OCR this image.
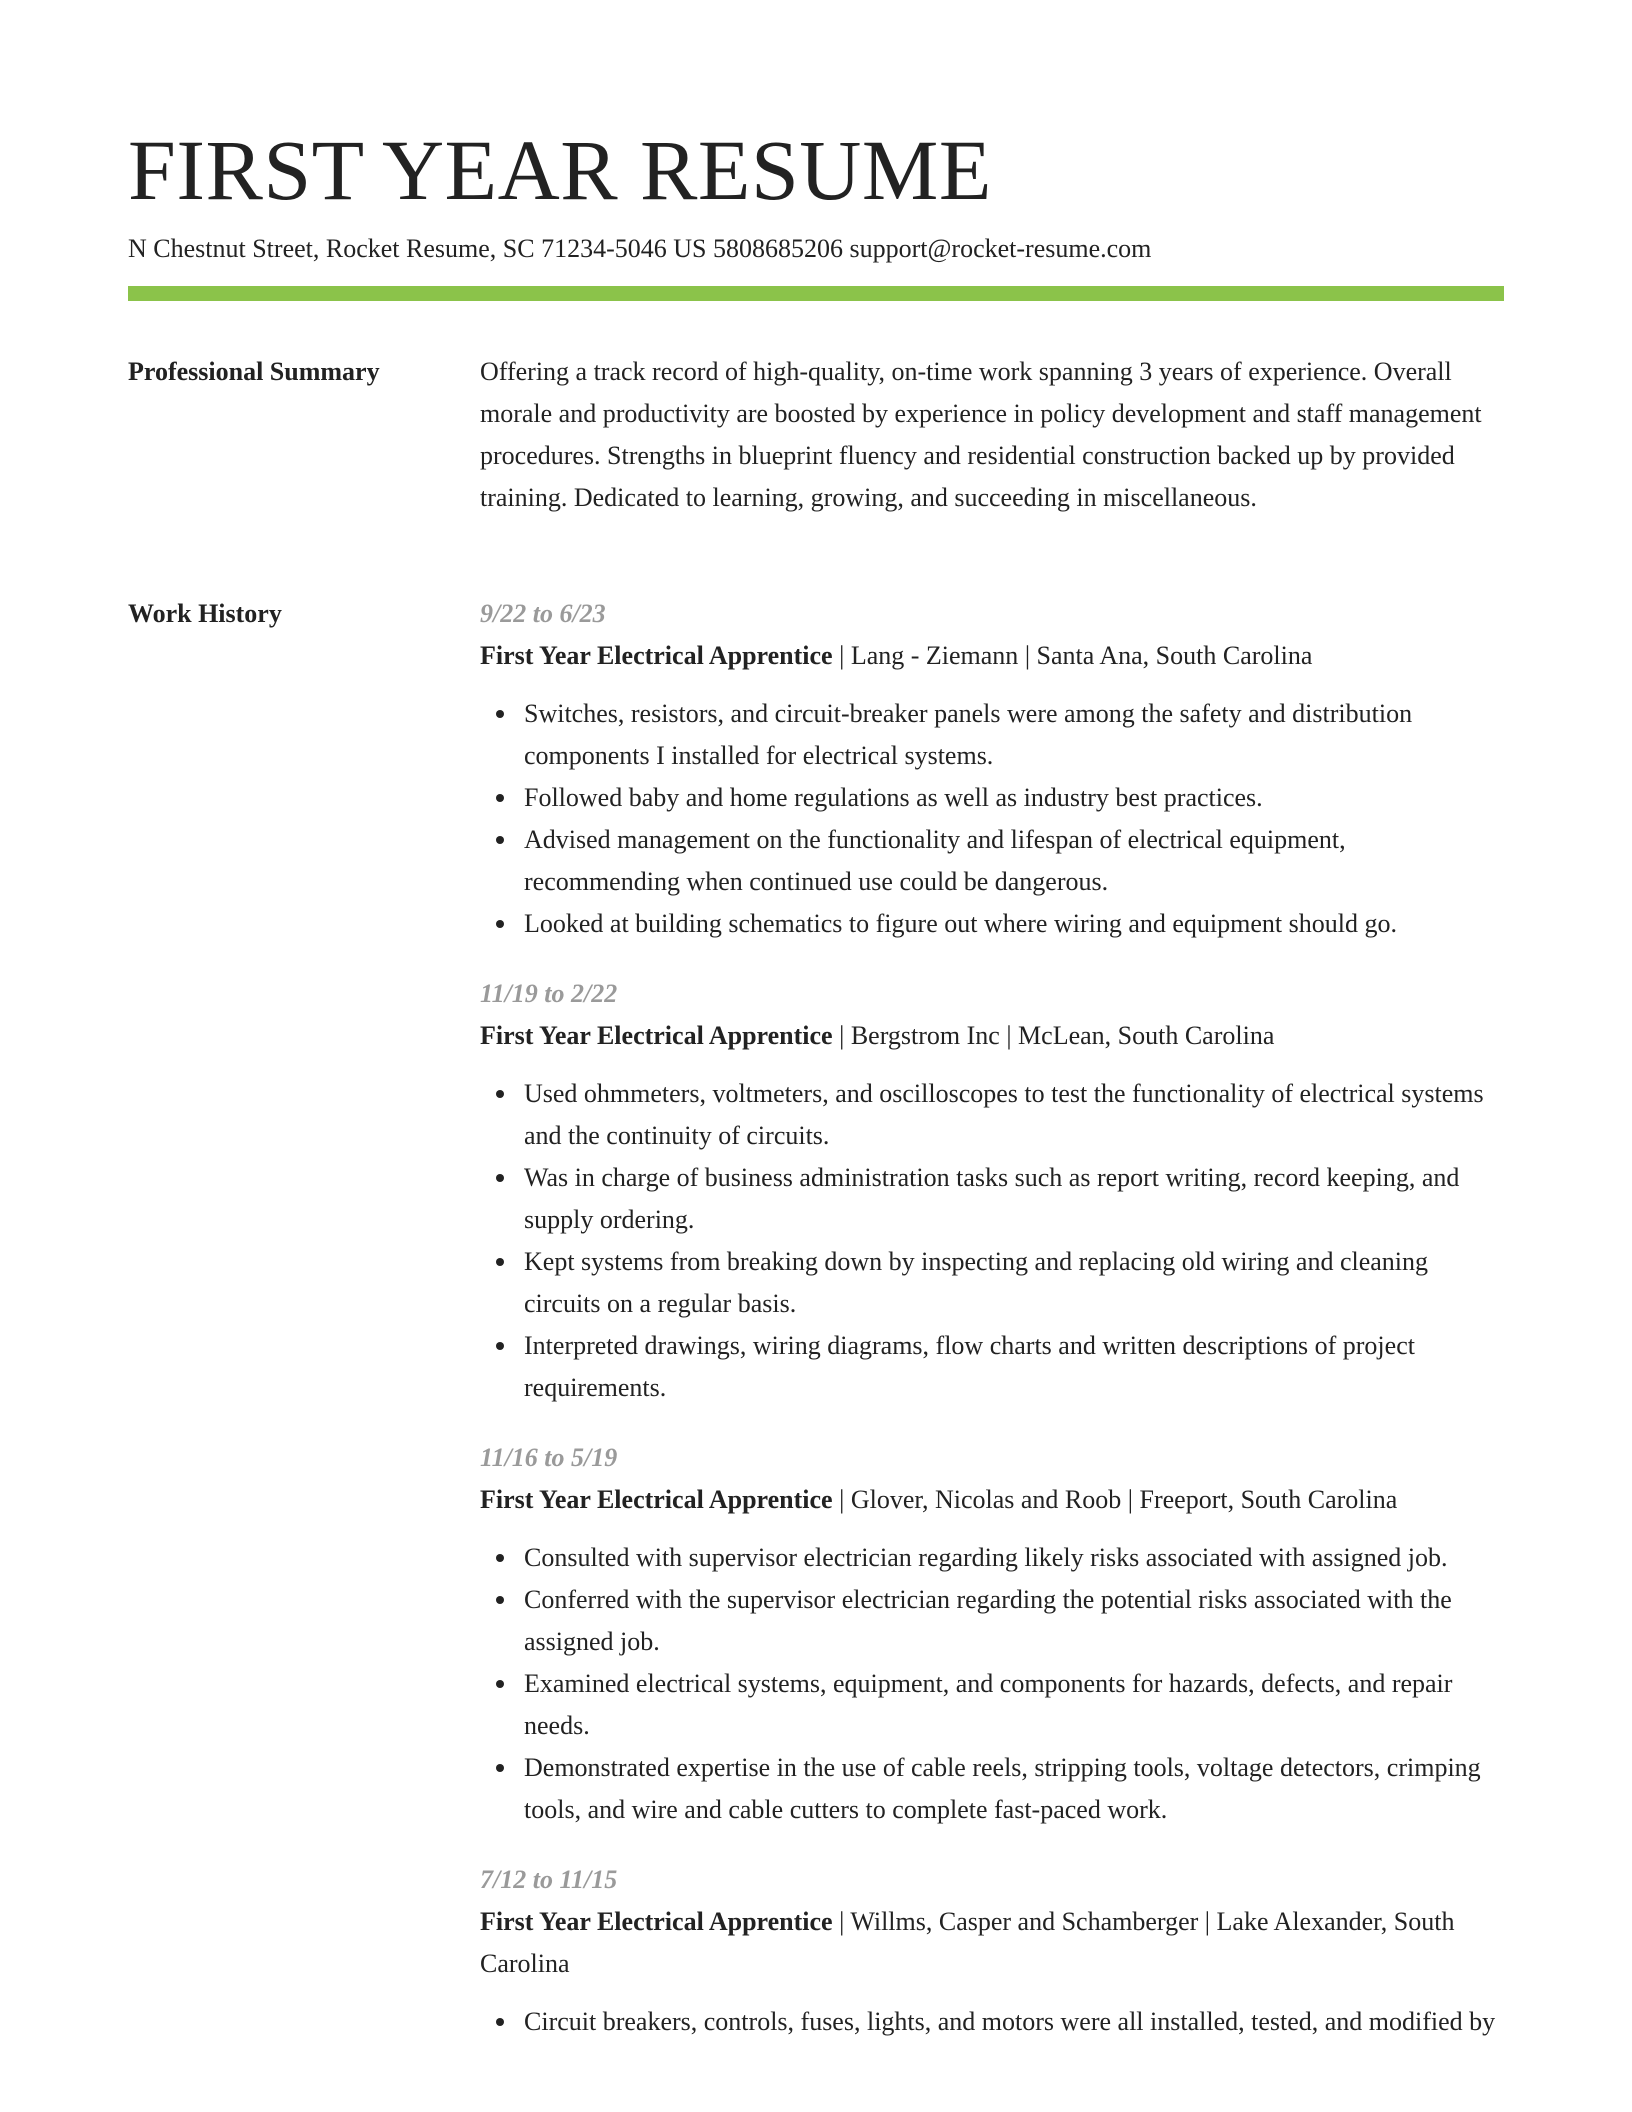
FIRST YEAR RESUME
N Chestnut Street, Rocket Resume, SC 71234-5046 US 5808685206 support@rocket-resume.com
Professional Summary	Offering a track record of high-quality, on-time work spanning 3 years of experience. Overall morale and productivity are boosted by experience in policy development and staff management procedures. Strengths in blueprint fluency and residential construction backed up by provided training. Dedicated to learning, growing, and succeeding in miscellaneous.

Work History	9/22 to 6/23
First Year Electrical Apprentice | Lang - Ziemann | Santa Ana, South Carolina
Switches, resistors, and circuit-breaker panels were among the safety and distribution components I installed for electrical systems.
Followed baby and home regulations as well as industry best practices.
Advised management on the functionality and lifespan of electrical equipment, recommending when continued use could be dangerous.
Looked at building schematics to figure out where wiring and equipment should go.
11/19 to 2/22
First Year Electrical Apprentice | Bergstrom Inc | McLean, South Carolina
Used ohmmeters, voltmeters, and oscilloscopes to test the functionality of electrical systems and the continuity of circuits.
Was in charge of business administration tasks such as report writing, record keeping, and supply ordering.
Kept systems from breaking down by inspecting and replacing old wiring and cleaning circuits on a regular basis.
Interpreted drawings, wiring diagrams, flow charts and written descriptions of project requirements.
11/16 to 5/19
First Year Electrical Apprentice | Glover, Nicolas and Roob | Freeport, South Carolina
Consulted with supervisor electrician regarding likely risks associated with assigned job.
Conferred with the supervisor electrician regarding the potential risks associated with the assigned job.
Examined electrical systems, equipment, and components for hazards, defects, and repair needs.
Demonstrated expertise in the use of cable reels, stripping tools, voltage detectors, crimping tools, and wire and cable cutters to complete fast-paced work.
7/12 to 11/15
First Year Electrical Apprentice | Willms, Casper and Schamberger | Lake Alexander, South Carolina
Circuit breakers, controls, fuses, lights, and motors were all installed, tested, and modified by
